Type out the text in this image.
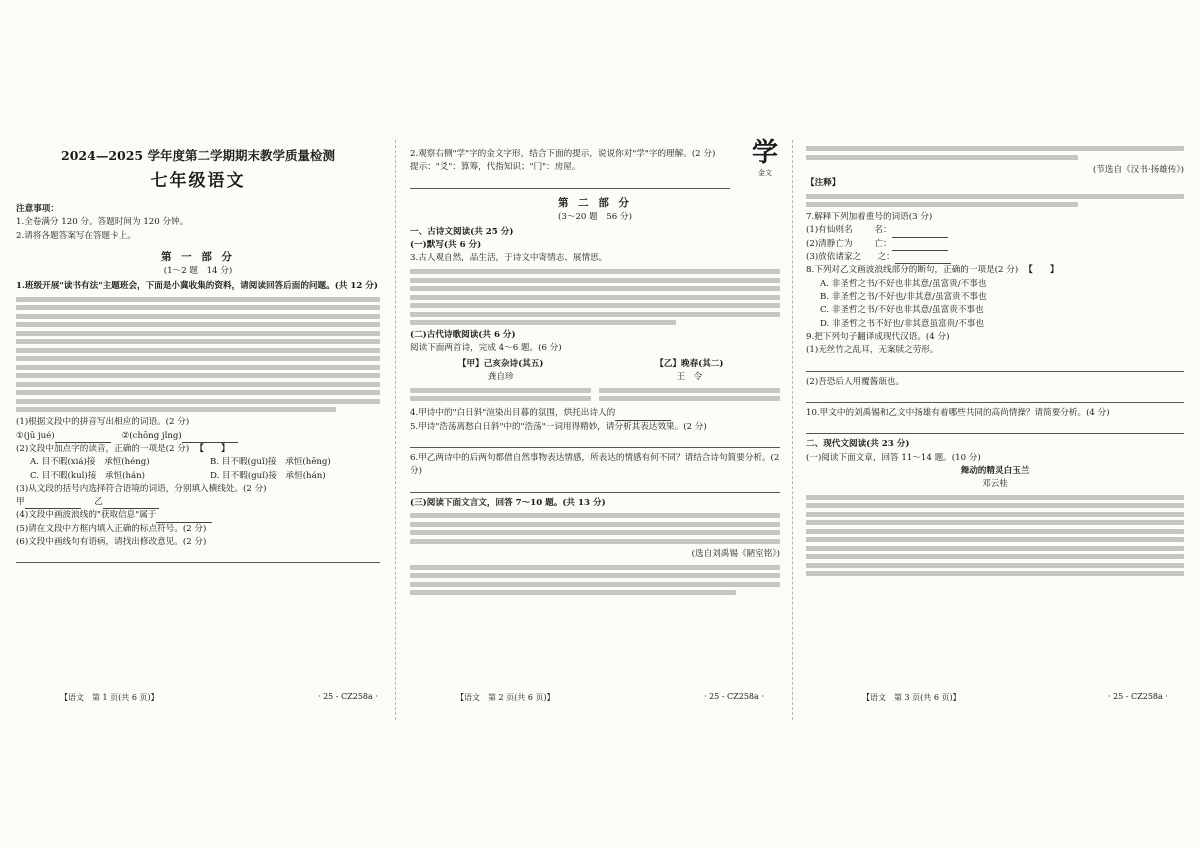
2024—2025 学年度第二学期期末教学质量检测
七年级语文
注意事项：
1.全卷满分 120 分。答题时间为 120 分钟。
2.请将各题答案写在答题卡上。
第 一 部 分
(1～2 题　14 分)
1.班级开展"读书有法"主题班会，下面是小冀收集的资料，请阅读回答后面的问题。(共 12 分)
(1)根据文段中的拼音写出相应的词语。(2 分)
①(jū jué)	②(chōng jǐng)
(2)文段中加点字的读音，正确的一项是(2 分) 【　　】
A. 目不暇(xiá)接　承恒(héng)	B. 目不暇(guǐ)接　承恒(hēng)
C. 目不暇(kuǐ)接　承恒(hán)	D. 目不暇(guǐ)接　承恒(hán)
(3)从文段的括号内选择符合语境的词语，分别填入横线处。(2 分)
甲	乙
(4)文段中画波浪线的"获取信息"属于
(5)请在文段中方框内填入正确的标点符号。(2 分)
(6)文段中画线句有语病，请找出修改意见。(2 分)
【语文　第 1 页(共 6 页)】	· 25 - CZ258a ·
2.观察右侧"学"字的金文字形，结合下面的提示，说说你对"学"字的理解。(2 分)
提示："爻"：算筹，代指知识；"冂"：房屋。
第 二 部 分
(3～20 题　56 分)
一、古诗文阅读(共 25 分)
(一)默写(共 6 分)
3.古人观自然，品生活，于诗文中寄情志、展情思。
(二)古代诗歌阅读(共 6 分)
阅读下面两首诗，完成 4～6 题。(6 分)
【甲】己亥杂诗(其五)
龚自珍
【乙】晚春(其二)
王　令
4.甲诗中的"白日斜"渲染出目暮的氛围，烘托出诗人的
5.甲诗"浩荡离愁白日斜"中的"浩荡"一词用得精妙，请分析其表达效果。(2 分)
6.甲乙两诗中的后两句都借自然事物表达情感，所表达的情感有何不同？请结合诗句简要分析。(2 分)
(三)阅读下面文言文，回答 7～10 题。(共 13 分)
(选自刘禹锡《陋室铭》)
学
金文
【语文　第 2 页(共 6 页)】	· 25 - CZ258a ·
(节选自《汉书·扬雄传》)
【注释】
7.解释下列加着重号的词语(3 分)
(1)有仙则名	名：
(2)清静亡为	亡：
(3)放依诸家之 之：
8.下列对乙文画波浪线部分的断句，正确的一项是(2 分) 【　　】
A. 非圣哲之书/不好也非其意/虽富贵/不事也
B. 非圣哲之书/不好也/非其意/虽富贵不事也
C. 非圣哲之书/不好也非其意/虽富贵不事也
D. 非圣哲之书不好也/非其意虽富贵/不事也
9.把下列句子翻译成现代汉语。(4 分)
(1)无丝竹之乱耳，无案牍之劳形。
(2)吾恐后人用覆酱瓿也。
10.甲文中的刘禹锡和乙文中扬雄有着哪些共同的高尚情操？请简要分析。(4 分)
二、现代文阅读(共 23 分)
(一)阅读下面文章，回答 11～14 题。(10 分)
舞动的精灵白玉兰
邓云桂
【语文　第 3 页(共 6 页)】	· 25 - CZ258a ·
